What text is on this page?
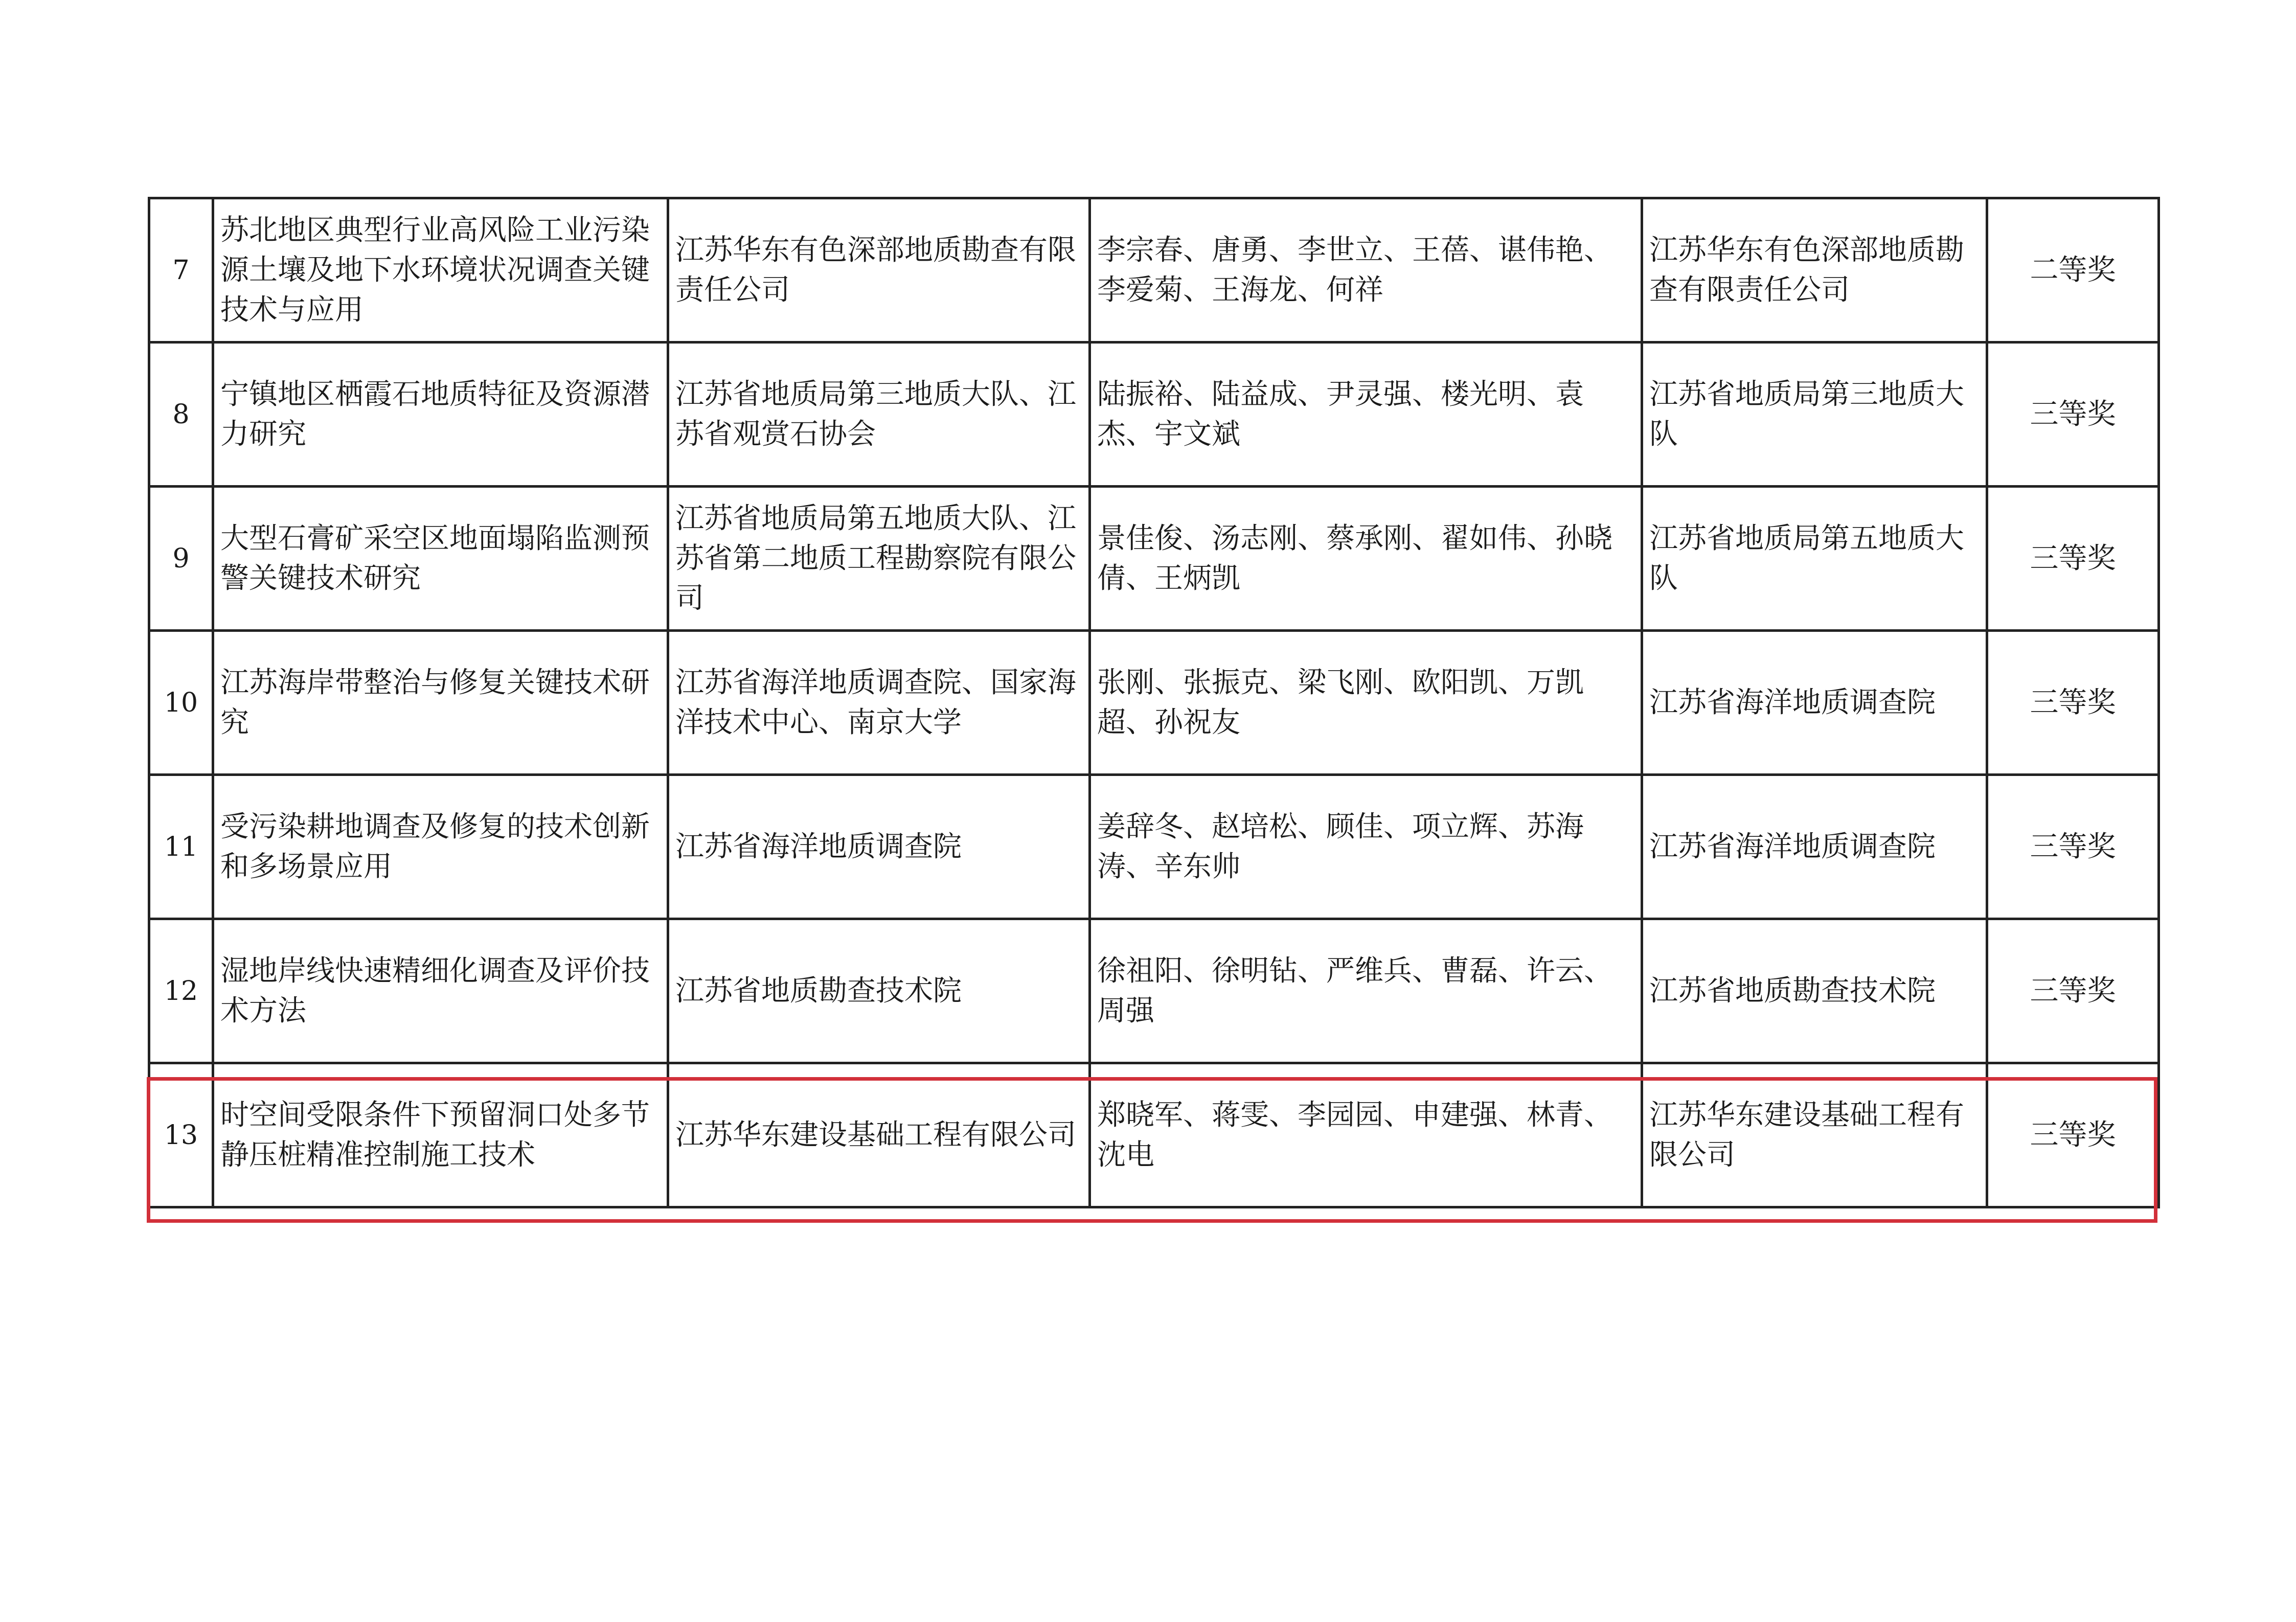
7	苏北地区典型行业高风险工业污染源土壤及地下水环境状况调查关键技术与应用	江苏华东有色深部地质勘查有限责任公司	李宗春、唐勇、李世立、王蓓、谌伟艳、李爱菊、王海龙、何祥	江苏华东有色深部地质勘查有限责任公司	二等奖
8	宁镇地区栖霞石地质特征及资源潜力研究	江苏省地质局第三地质大队、江苏省观赏石协会	陆振裕、陆益成、尹灵强、楼光明、袁杰、宇文斌	江苏省地质局第三地质大队	三等奖
9	大型石膏矿采空区地面塌陷监测预警关键技术研究	江苏省地质局第五地质大队、江苏省第二地质工程勘察院有限公司	景佳俊、汤志刚、蔡承刚、翟如伟、孙晓倩、王炳凯	江苏省地质局第五地质大队	三等奖
10	江苏海岸带整治与修复关键技术研究	江苏省海洋地质调查院、国家海洋技术中心、南京大学	张刚、张振克、梁飞刚、欧阳凯、万凯超、孙祝友	江苏省海洋地质调查院	三等奖
11	受污染耕地调查及修复的技术创新和多场景应用	江苏省海洋地质调查院	姜辞冬、赵培松、顾佳、项立辉、苏海涛、辛东帅	江苏省海洋地质调查院	三等奖
12	湿地岸线快速精细化调查及评价技术方法	江苏省地质勘查技术院	徐祖阳、徐明钻、严维兵、曹磊、许云、周强	江苏省地质勘查技术院	三等奖
13	时空间受限条件下预留洞口处多节静压桩精准控制施工技术	江苏华东建设基础工程有限公司	郑晓军、蒋雯、李园园、申建强、林青、沈电	江苏华东建设基础工程有限公司	三等奖
